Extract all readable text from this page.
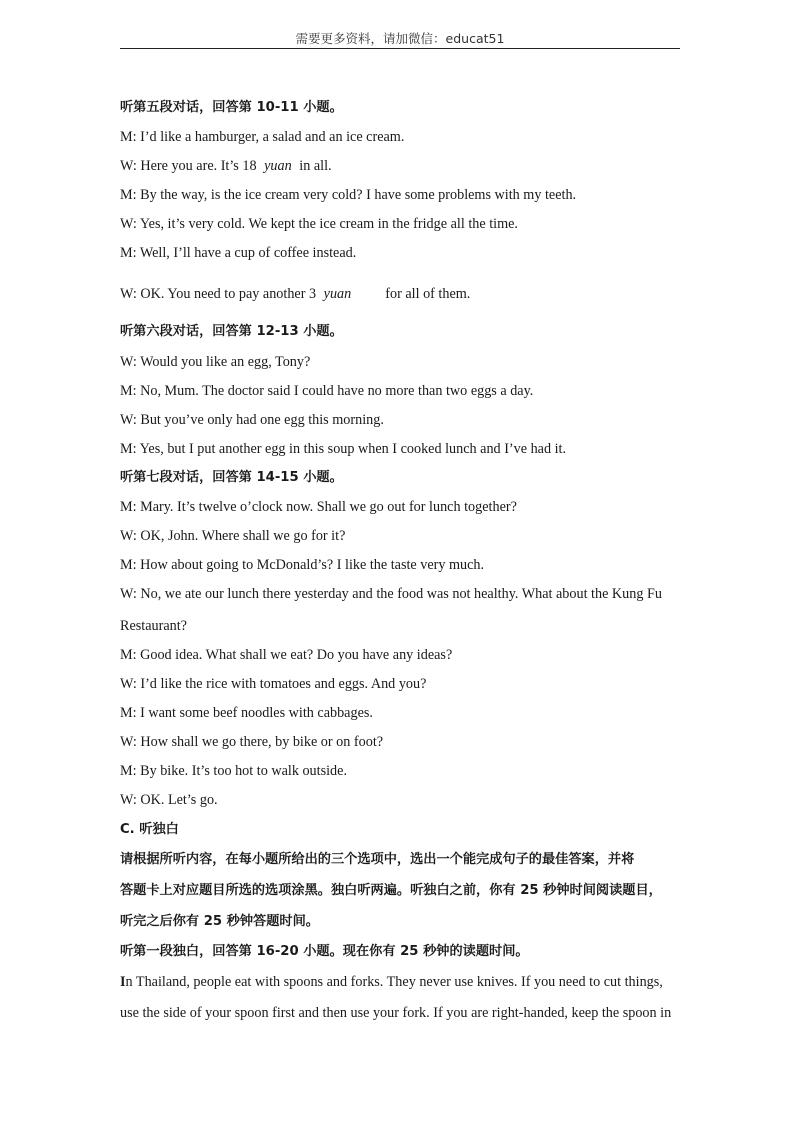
需要更多资料，请加微信：educat51
听第五段对话，回答第 10-11 小题。
M: I’d like a hamburger, a salad and an ice cream.
W: Here you are. It’s 18 yuan in all.
M: By the way, is the ice cream very cold? I have some problems with my teeth.
W: Yes, it’s very cold. We kept the ice cream in the fridge all the time.
M: Well, I’ll have a cup of coffee instead.
W: OK. You need to pay another 3 yuan for all of them.
听第六段对话，回答第 12-13 小题。
W: Would you like an egg, Tony?
M: No, Mum. The doctor said I could have no more than two eggs a day.
W: But you’ve only had one egg this morning.
M: Yes, but I put another egg in this soup when I cooked lunch and I’ve had it.
听第七段对话，回答第 14-15 小题。
M: Mary. It’s twelve o’clock now. Shall we go out for lunch together?
W: OK, John. Where shall we go for it?
M: How about going to McDonald’s? I like the taste very much.
W: No, we ate our lunch there yesterday and the food was not healthy. What about the Kung Fu
Restaurant?
M: Good idea. What shall we eat? Do you have any ideas?
W: I’d like the rice with tomatoes and eggs. And you?
M: I want some beef noodles with cabbages.
W: How shall we go there, by bike or on foot?
M: By bike. It’s too hot to walk outside.
W: OK. Let’s go.
C. 听独白
请根据所听内容，在每小题所给出的三个选项中，选出一个能完成句子的最佳答案，并将
答题卡上对应题目所选的选项涂黑。独白听两遍。听独白之前，你有 25 秒钟时间阅读题目，
听完之后你有 25 秒钟答题时间。
听第一段独白，回答第 16-20 小题。现在你有 25 秒钟的读题时间。
In Thailand, people eat with spoons and forks. They never use knives. If you need to cut things,
use the side of your spoon first and then use your fork. If you are right-handed, keep the spoon in
